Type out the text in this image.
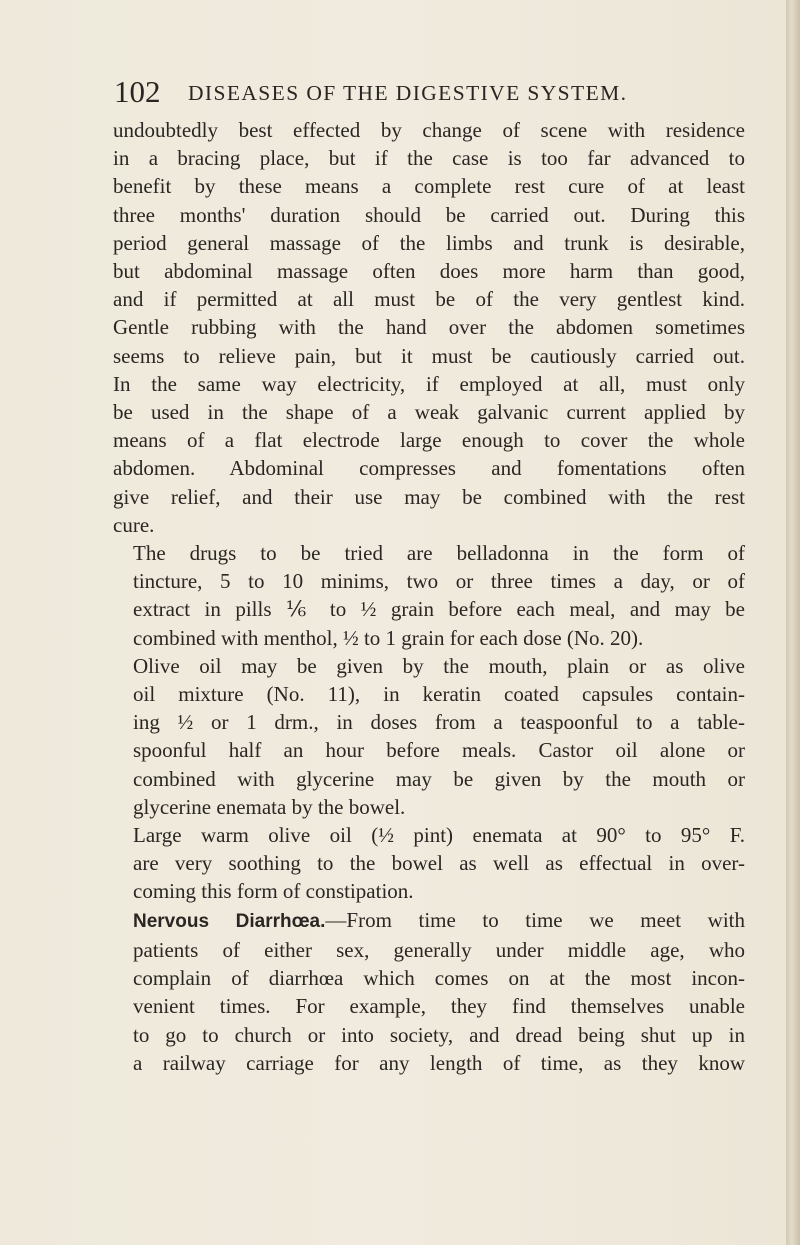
102 DISEASES OF THE DIGESTIVE SYSTEM.

undoubtedly best effected by change of scene with residence
in a bracing place, but if the case is too far advanced to
benefit by these means a complete rest cure of at least
three months' duration should be carried out. During this
period general massage of the limbs and trunk is desirable,
but abdominal massage often does more harm than good,
and if permitted at all must be of the very gentlest kind.
Gentle rubbing with the hand over the abdomen sometimes
seems to relieve pain, but it must be cautiously carried out.
In the same way electricity, if employed at all, must only
be used in the shape of a weak galvanic current applied by
means of a flat electrode large enough to cover the whole
abdomen. Abdominal compresses and fomentations often
give relief, and their use may be combined with the rest
cure.

The drugs to be tried are belladonna in the form of
tincture, 5 to 10 minims, two or three times a day, or of
extract in pills ⅙ to ½ grain before each meal, and may be
combined with menthol, ½ to 1 grain for each dose (No. 20).

Olive oil may be given by the mouth, plain or as olive
oil mixture (No. 11), in keratin coated capsules contain-
ing ½ or 1 drm., in doses from a teaspoonful to a table-
spoonful half an hour before meals. Castor oil alone or
combined with glycerine may be given by the mouth or
glycerine enemata by the bowel.

Large warm olive oil (½ pint) enemata at 90° to 95° F.
are very soothing to the bowel as well as effectual in over-
coming this form of constipation.

Nervous Diarrhœa.—From time to time we meet with
patients of either sex, generally under middle age, who
complain of diarrhœa which comes on at the most incon-
venient times. For example, they find themselves unable
to go to church or into society, and dread being shut up in
a railway carriage for any length of time, as they know
